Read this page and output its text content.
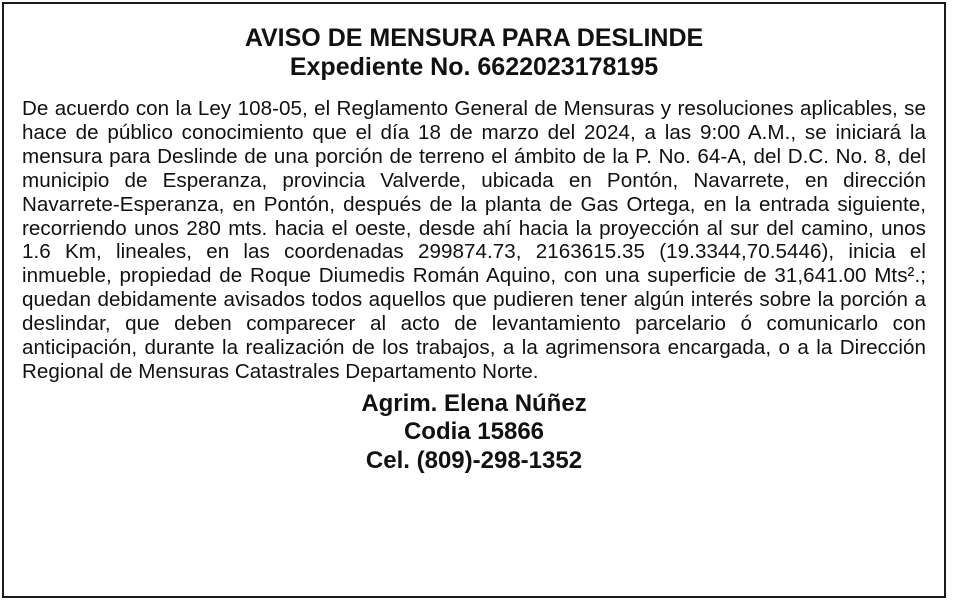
AVISO DE MENSURA PARA DESLINDE
Expediente No. 6622023178195

De acuerdo con la Ley 108-05, el Reglamento General de Mensuras y resoluciones aplicables, se hace de público conocimiento que el día 18 de marzo del 2024, a las 9:00 A.M., se iniciará la mensura para Deslinde de una porción de terreno el ámbito de la P. No. 64-A, del D.C. No. 8, del municipio de Esperanza, provincia Valverde, ubicada en Pontón, Navarrete, en dirección Navarrete-Esperanza, en Pontón, después de la planta de Gas Ortega, en la entrada siguiente, recorriendo unos 280 mts. hacia el oeste, desde ahí hacia la proyección al sur del camino, unos 1.6 Km, lineales, en las coordenadas 299874.73, 2163615.35 (19.3344,70.5446), inicia el inmueble, propiedad de Roque Diumedis Román Aquino, con una superficie de 31,641.00 Mts².; quedan debidamente avisados todos aquellos que pudieren tener algún interés sobre la porción a deslindar, que deben comparecer al acto de levantamiento parcelario ó comunicarlo con anticipación, durante la realización de los trabajos, a la agrimensora encargada, o a la Dirección Regional de Mensuras Catastrales Departamento Norte.

Agrim. Elena Núñez
Codia 15866
Cel. (809)-298-1352
